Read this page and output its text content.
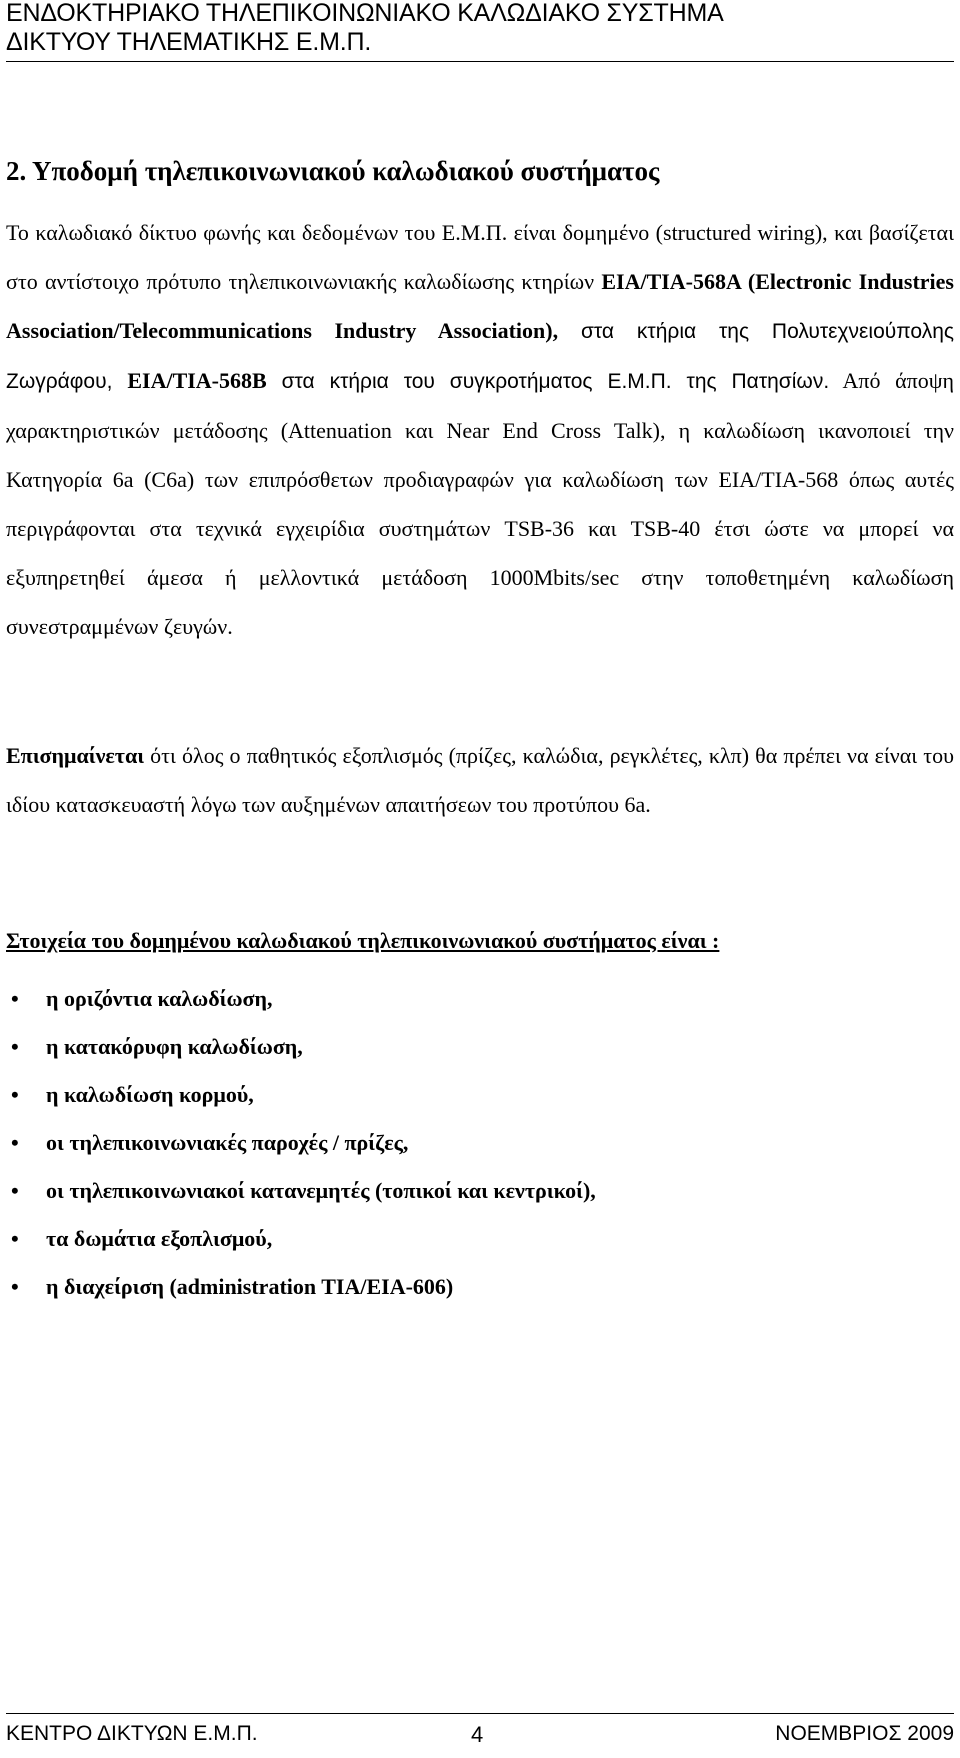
ΕΝΔΟΚΤΗΡΙΑΚΟ ΤΗΛΕΠΙΚΟΙΝΩΝΙΑΚΟ ΚΑΛΩΔΙΑΚΟ ΣΥΣΤΗΜΑ
ΔΙΚΤΥΟΥ ΤΗΛΕΜΑΤΙΚΗΣ Ε.Μ.Π.
2. Υποδομή τηλεπικοινωνιακού καλωδιακού συστήματος

Το καλωδιακό δίκτυο φωνής και δεδομένων του Ε.Μ.Π. είναι δομημένο (structured wiring), και βασίζεται στο αντίστοιχο πρότυπο τηλεπικοινωνιακής καλωδίωσης κτηρίων EIA/TIA-568A (Electronic Industries Association/Telecommunications Industry Association), στα κτήρια της Πολυτεχνειούπολης Ζωγράφου, EIA/TIA-568B στα κτήρια του συγκροτήματος Ε.Μ.Π. της Πατησίων. Από άποψη χαρακτηριστικών μετάδοσης (Attenuation και Near End Cross Talk), η καλωδίωση ικανοποιεί την Κατηγορία 6a (C6a) των επιπρόσθετων προδιαγραφών για καλωδίωση των EIA/TIA-568 όπως αυτές περιγράφονται στα τεχνικά εγχειρίδια συστημάτων TSB-36 και TSB-40 έτσι ώστε να μπορεί να εξυπηρετηθεί άμεσα ή μελλοντικά μετάδοση 1000Mbits/sec στην τοποθετημένη καλωδίωση συνεστραμμένων ζευγών.

Επισημαίνεται ότι όλος ο παθητικός εξοπλισμός (πρίζες, καλώδια, ρεγκλέτες, κλπ) θα πρέπει να είναι του ιδίου κατασκευαστή λόγω των αυξημένων απαιτήσεων του προτύπου 6a.

Στοιχεία του δομημένου καλωδιακού τηλεπικοινωνιακού συστήματος είναι :

• η οριζόντια καλωδίωση,
• η κατακόρυφη καλωδίωση,
• η καλωδίωση κορμού,
• οι τηλεπικοινωνιακές παροχές / πρίζες,
• οι τηλεπικοινωνιακοί κατανεμητές (τοπικοί και κεντρικοί),
• τα δωμάτια εξοπλισμού,
• η διαχείριση (administration TIA/EIA-606)
ΚΕΝΤΡΟ ΔΙΚΤΥΩΝ Ε.Μ.Π.	4	ΝΟΕΜΒΡΙΟΣ 2009
